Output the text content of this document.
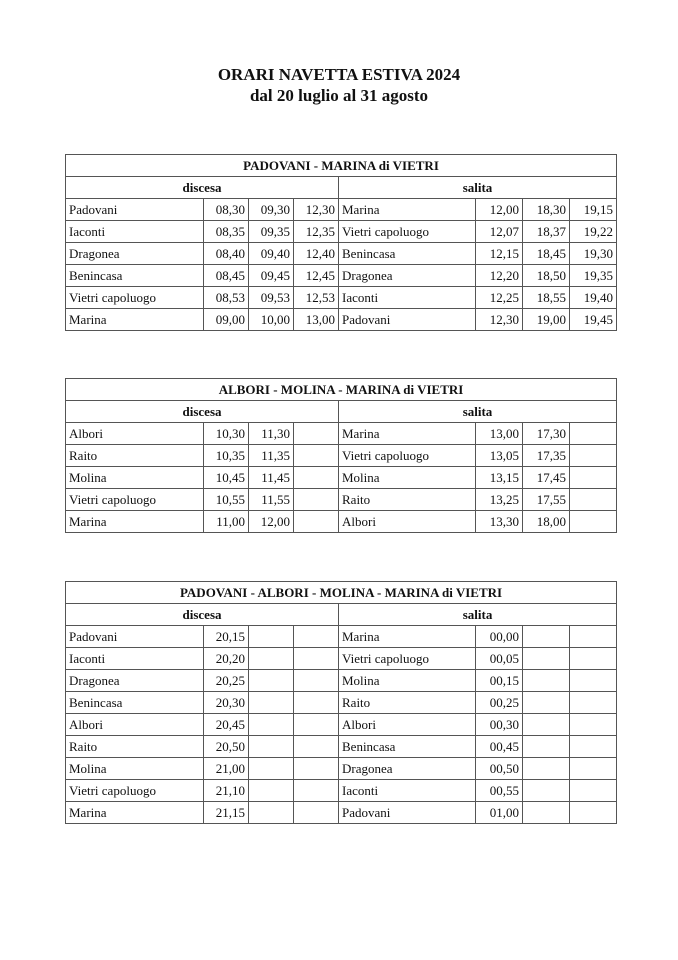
ORARI NAVETTA ESTIVA 2024
dal 20 luglio al 31 agosto
PADOVANI - MARINA di VIETRI							
discesa				salita			
Padovani	08,30	09,30	12,30	Marina	12,00	18,30	19,15
Iaconti	08,35	09,35	12,35	Vietri capoluogo	12,07	18,37	19,22
Dragonea	08,40	09,40	12,40	Benincasa	12,15	18,45	19,30
Benincasa	08,45	09,45	12,45	Dragonea	12,20	18,50	19,35
Vietri capoluogo	08,53	09,53	12,53	Iaconti	12,25	18,55	19,40
Marina	09,00	10,00	13,00	Padovani	12,30	19,00	19,45
ALBORI - MOLINA - MARINA di VIETRI							
discesa				salita			
Albori	10,30	11,30		Marina	13,00	17,30	
Raito	10,35	11,35		Vietri capoluogo	13,05	17,35	
Molina	10,45	11,45		Molina	13,15	17,45	
Vietri capoluogo	10,55	11,55		Raito	13,25	17,55	
Marina	11,00	12,00		Albori	13,30	18,00	
PADOVANI - ALBORI - MOLINA - MARINA di VIETRI							
discesa				salita			
Padovani	20,15			Marina	00,00		
Iaconti	20,20			Vietri capoluogo	00,05		
Dragonea	20,25			Molina	00,15		
Benincasa	20,30			Raito	00,25		
Albori	20,45			Albori	00,30		
Raito	20,50			Benincasa	00,45		
Molina	21,00			Dragonea	00,50		
Vietri capoluogo	21,10			Iaconti	00,55		
Marina	21,15			Padovani	01,00		
